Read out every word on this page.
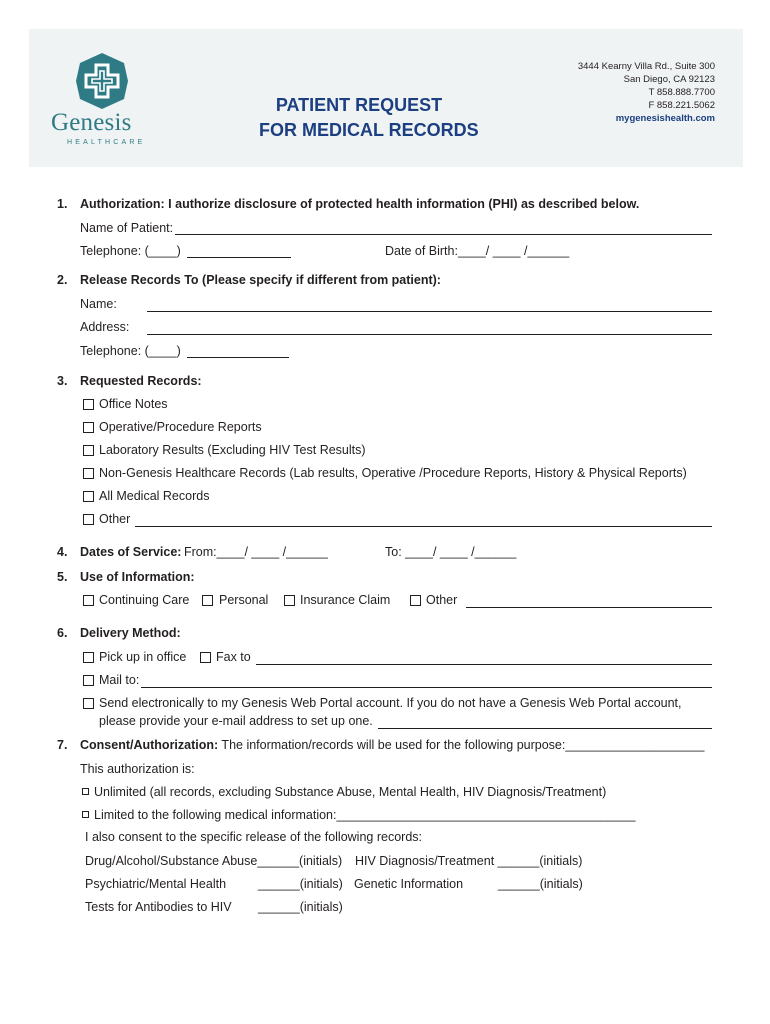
Genesis
HEALTHCARE
PATIENT REQUEST
FOR MEDICAL RECORDS
3444 Kearny Villa Rd., Suite 300
San Diego, CA 92123
T 858.888.7700
F 858.221.5062
mygenesishealth.com
1. Authorization: I authorize disclosure of protected health information (PHI) as described below.
Name of Patient:
Telephone: (____)	Date of Birth:____/ ____ /______
2. Release Records To (Please specify if different from patient):
Name:
Address:
Telephone: (____)
3. Requested Records:
Office Notes
Operative/Procedure Reports
Laboratory Results (Excluding HIV Test Results)
Non-Genesis Healthcare Records (Lab results, Operative /Procedure Reports, History & Physical Reports)
All Medical Records
Other
4. Dates of Service: From:____/ ____ /______	To: ____/ ____ /______
5. Use of Information:
Continuing Care Personal	Insurance Claim	Other
6. Delivery Method:
Pick up in office Fax to
Mail to:
Send electronically to my Genesis Web Portal account. If you do not have a Genesis Web Portal account,
please provide your e-mail address to set up one.
7. Consent/Authorization: The information/records will be used for the following purpose:____________________
This authorization is:
Unlimited (all records, excluding Substance Abuse, Mental Health, HIV Diagnosis/Treatment)
Limited to the following medical information:___________________________________________
I also consent to the specific release of the following records:
Drug/Alcohol/Substance Abuse______(initials) HIV Diagnosis/Treatment ______(initials)
Psychiatric/Mental Health	______(initials) Genetic Information	______(initials)
Tests for Antibodies to HIV ______(initials)
